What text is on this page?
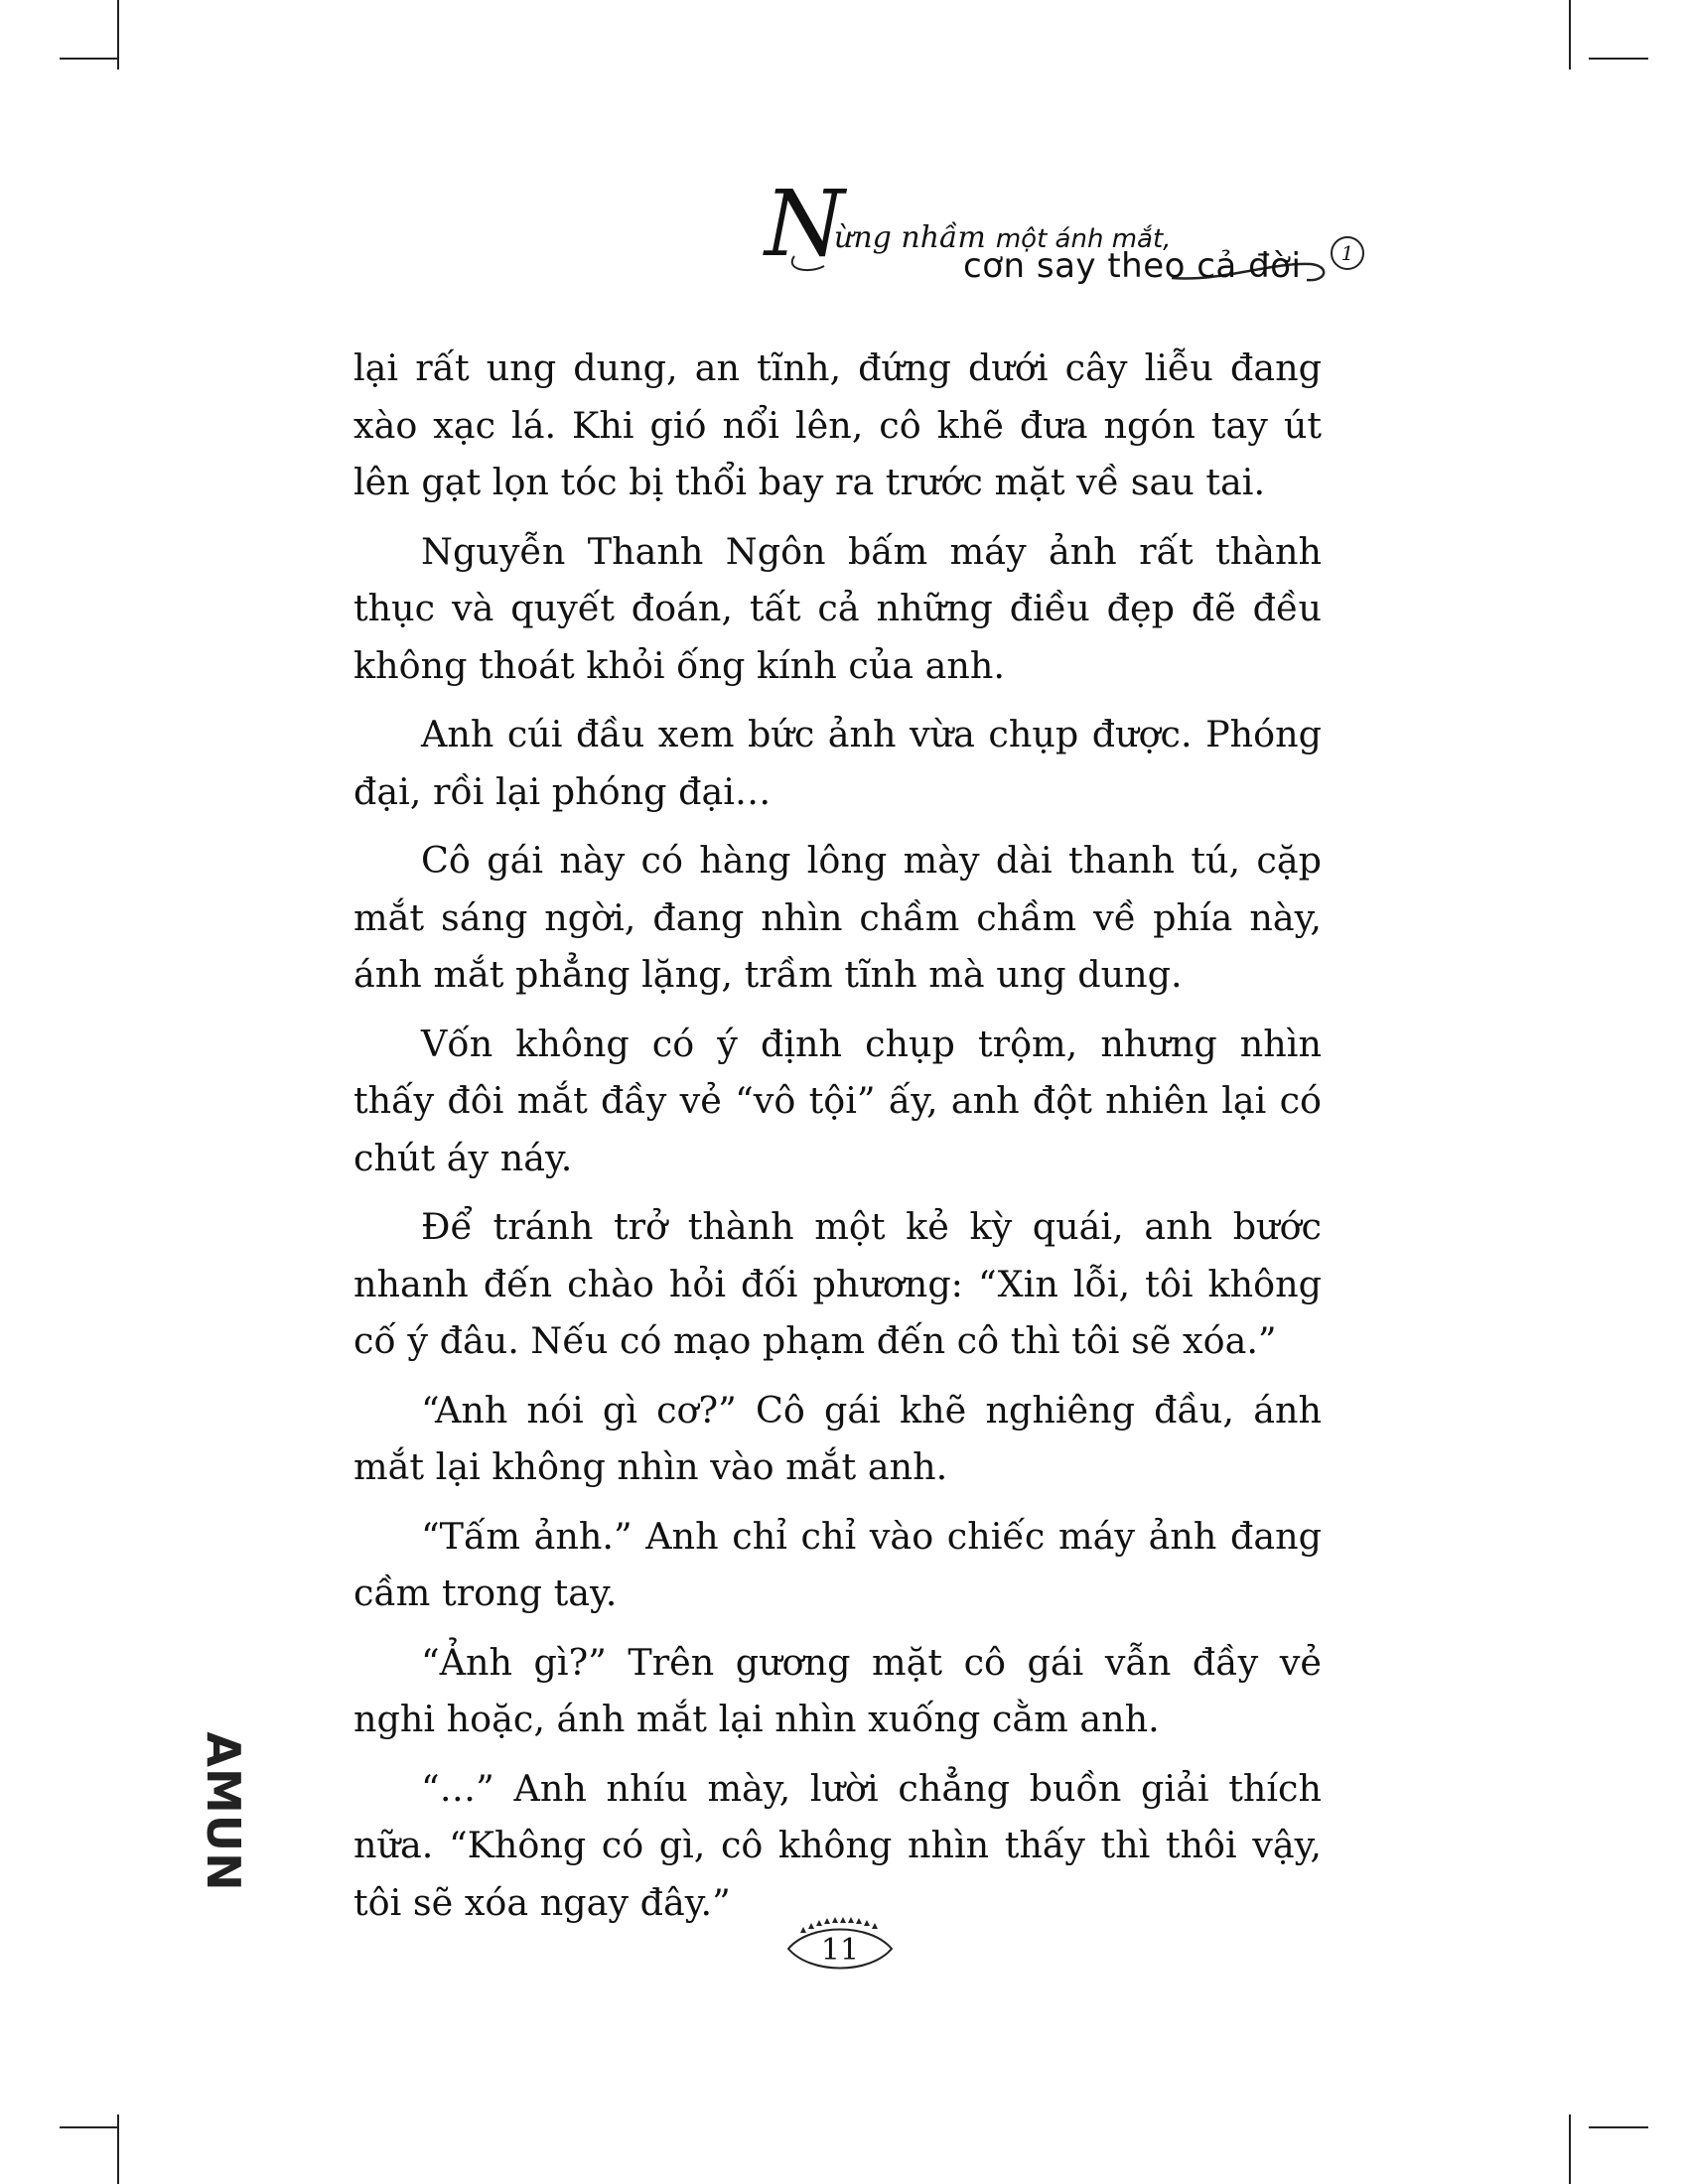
N
ừng nhầm một ánh mắt,
cơn say theo cả đời	1

lại rất ung dung, an tĩnh, đứng dưới cây liễu đang xào xạc lá. Khi gió nổi lên, cô khẽ đưa ngón tay út lên gạt lọn tóc bị thổi bay ra trước mặt về sau tai.

Nguyễn Thanh Ngôn bấm máy ảnh rất thành thục và quyết đoán, tất cả những điều đẹp đẽ đều không thoát khỏi ống kính của anh.

Anh cúi đầu xem bức ảnh vừa chụp được. Phóng đại, rồi lại phóng đại…

Cô gái này có hàng lông mày dài thanh tú, cặp mắt sáng ngời, đang nhìn chầm chầm về phía này, ánh mắt phẳng lặng, trầm tĩnh mà ung dung.

Vốn không có ý định chụp trộm, nhưng nhìn thấy đôi mắt đầy vẻ “vô tội” ấy, anh đột nhiên lại có chút áy náy.

Để tránh trở thành một kẻ kỳ quái, anh bước nhanh đến chào hỏi đối phương: “Xin lỗi, tôi không cố ý đâu. Nếu có mạo phạm đến cô thì tôi sẽ xóa.”

“Anh nói gì cơ?” Cô gái khẽ nghiêng đầu, ánh mắt lại không nhìn vào mắt anh.

“Tấm ảnh.” Anh chỉ chỉ vào chiếc máy ảnh đang cầm trong tay.

“Ảnh gì?” Trên gương mặt cô gái vẫn đầy vẻ nghi hoặc, ánh mắt lại nhìn xuống cằm anh.

“…” Anh nhíu mày, lười chẳng buồn giải thích nữa. “Không có gì, cô không nhìn thấy thì thôi vậy, tôi sẽ xóa ngay đây.”

AMUN
11
